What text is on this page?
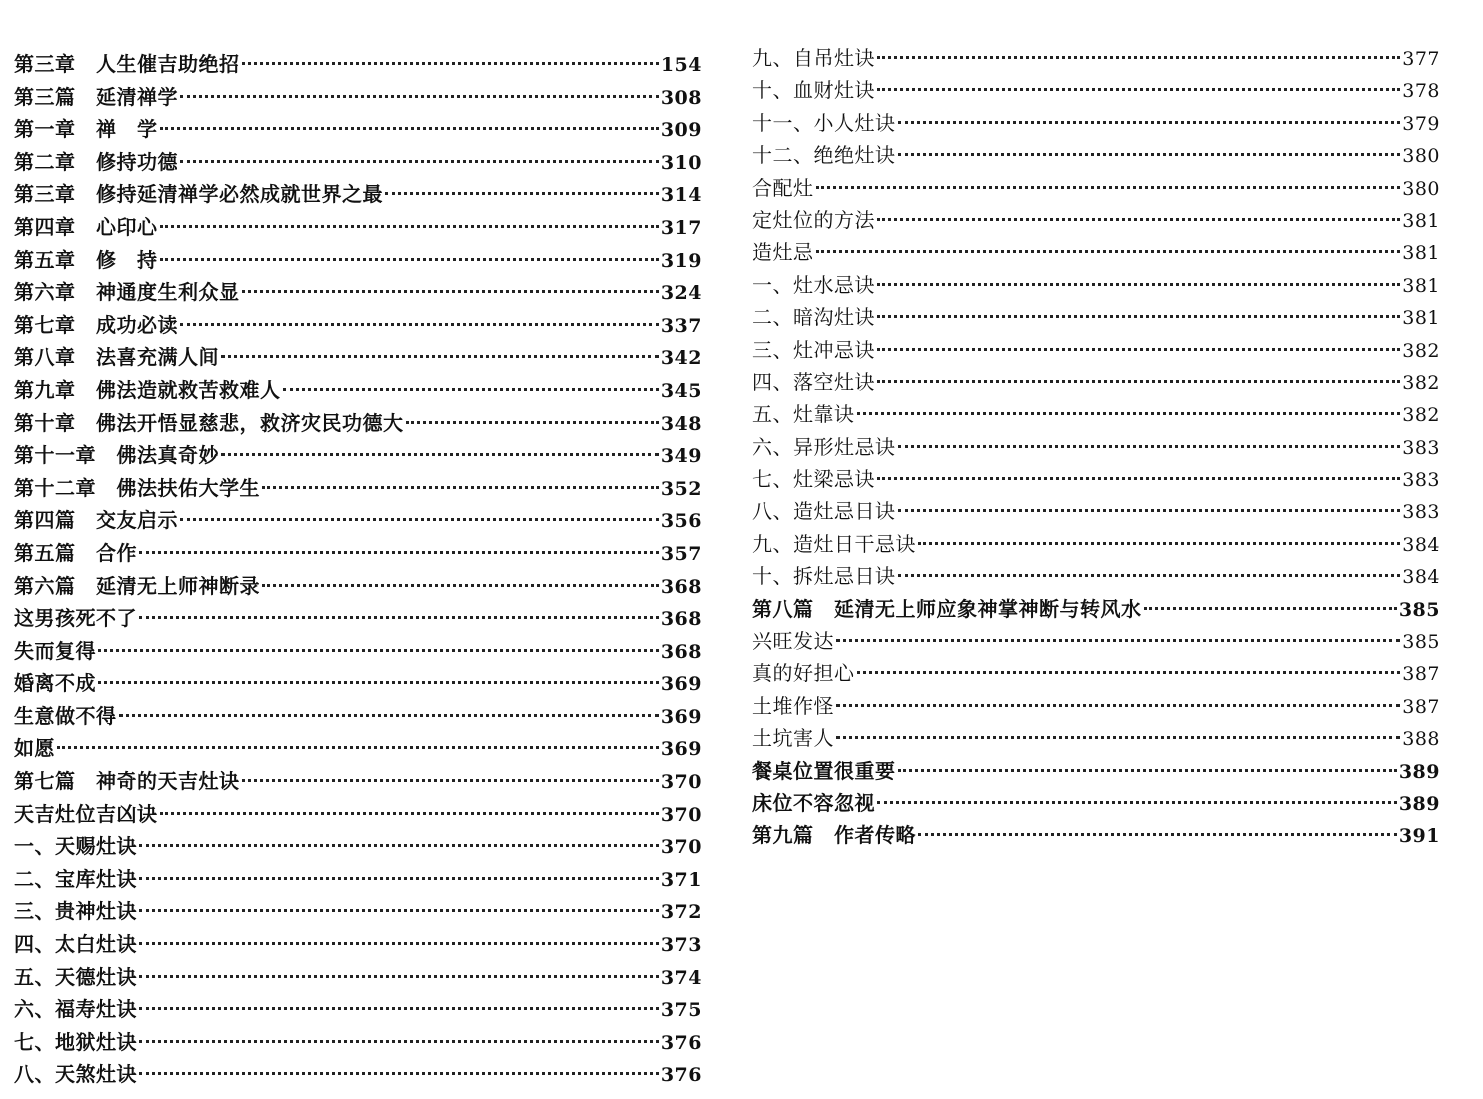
第三章　人生催吉助绝招	154
第三篇　延清禅学	308
第一章　禅　学	309
第二章　修持功德	310
第三章　修持延清禅学必然成就世界之最	314
第四章　心印心	317
第五章　修　持	319
第六章　神通度生利众显	324
第七章　成功必读	337
第八章　法喜充满人间	342
第九章　佛法造就救苦救难人	345
第十章　佛法开悟显慈悲，救济灾民功德大	348
第十一章　佛法真奇妙	349
第十二章　佛法扶佑大学生	352
第四篇　交友启示	356
第五篇　合作	357
第六篇　延清无上师神断录	368
这男孩死不了	368
失而复得	368
婚离不成	369
生意做不得	369
如愿	369
第七篇　神奇的天吉灶诀	370
天吉灶位吉凶诀	370
一、天赐灶诀	370
二、宝库灶诀	371
三、贵神灶诀	372
四、太白灶诀	373
五、天德灶诀	374
六、福寿灶诀	375
七、地狱灶诀	376
八、天煞灶诀	376
九、自吊灶诀	377
十、血财灶诀	378
十一、小人灶诀	379
十二、绝绝灶诀	380
合配灶	380
定灶位的方法	381
造灶忌	381
一、灶水忌诀	381
二、暗沟灶诀	381
三、灶冲忌诀	382
四、落空灶诀	382
五、灶靠诀	382
六、异形灶忌诀	383
七、灶梁忌诀	383
八、造灶忌日诀	383
九、造灶日干忌诀	384
十、拆灶忌日诀	384
第八篇　延清无上师应象神掌神断与转风水	385
兴旺发达	385
真的好担心	387
土堆作怪	387
土坑害人	388
餐桌位置很重要	389
床位不容忽视	389
第九篇　作者传略	391
